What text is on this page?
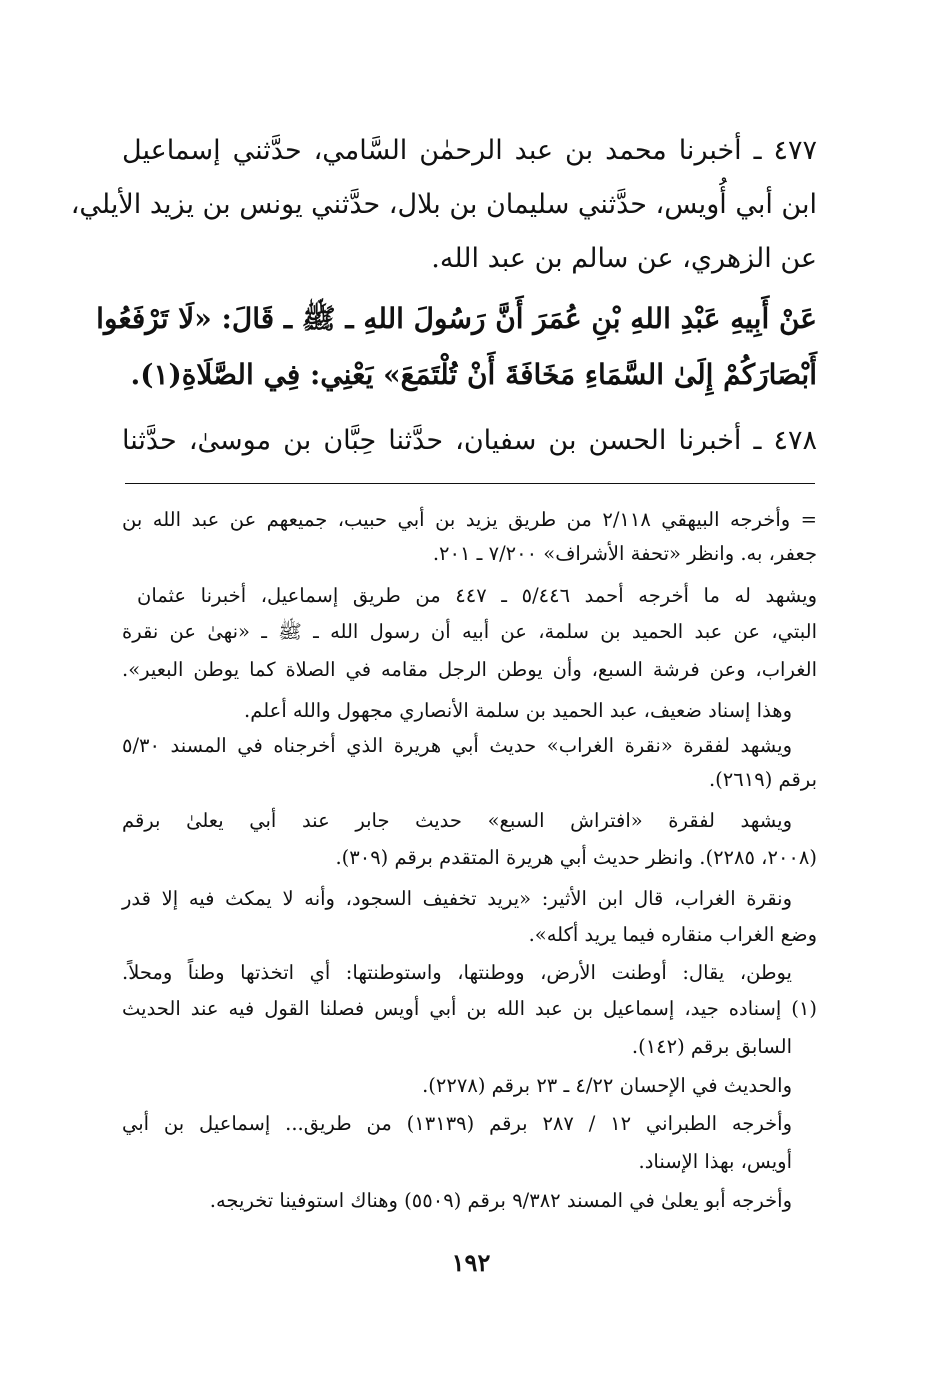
٤٧٧ ـ أخبرنا محمد بن عبد الرحمٰن السَّامي، حدَّثني إسماعيل
ابن أبي أُويس، حدَّثني سليمان بن بلال، حدَّثني يونس بن يزيد الأيلي،
عن الزهري، عن سالم بن عبد الله.
عَنْ أَبِيهِ عَبْدِ اللهِ بْنِ عُمَرَ أَنَّ رَسُولَ اللهِ ـ ﷺ ـ قَالَ: «لَا تَرْفَعُوا
أَبْصَارَكُمْ إِلَىٰ السَّمَاءِ مَخَافَةَ أَنْ تُلْتَمَعَ» يَعْنِي: فِي الصَّلَاةِ(١).
٤٧٨ ـ أخبرنا الحسن بن سفيان، حدَّثنا حِبَّان بن موسىٰ، حدَّثنا
= وأخرجه البيهقي ٢/١١٨ من طريق يزيد بن أبي حبيب، جميعهم عن عبد الله بن
جعفر، به. وانظر «تحفة الأشراف» ٧/٢٠٠ ـ ٢٠١.
ويشهد له ما أخرجه أحمد ٥/٤٤٦ ـ ٤٤٧ من طريق إسماعيل، أخبرنا عثمان
البتي، عن عبد الحميد بن سلمة، عن أبيه أن رسول الله ـ ﷺ ـ «نهىٰ عن نقرة
الغراب، وعن فرشة السبع، وأن يوطن الرجل مقامه في الصلاة كما يوطن البعير».
وهذا إسناد ضعيف، عبد الحميد بن سلمة الأنصاري مجهول والله أعلم.
ويشهد لفقرة «نقرة الغراب» حديث أبي هريرة الذي أخرجناه في المسند ٥/٣٠
برقم (٢٦١٩).
ويشهد لفقرة «افتراش السبع» حديث جابر عند أبي يعلىٰ برقم
(٢٠٠٨، ٢٢٨٥). وانظر حديث أبي هريرة المتقدم برقم (٣٠٩).
ونقرة الغراب، قال ابن الأثير: «يريد تخفيف السجود، وأنه لا يمكث فيه إلا قدر
وضع الغراب منقاره فيما يريد أكله».
يوطن، يقال: أوطنت الأرض، ووطنتها، واستوطنتها: أي اتخذتها وطناً ومحلاً.
(١) إسناده جيد، إسماعيل بن عبد الله بن أبي أويس فصلنا القول فيه عند الحديث
السابق برقم (١٤٢).
والحديث في الإحسان ٤/٢٢ ـ ٢٣ برقم (٢٢٧٨).
وأخرجه الطبراني ١٢ / ٢٨٧ برقم (١٣١٣٩) من طريق... إسماعيل بن أبي
أويس، بهذا الإسناد.
وأخرجه أبو يعلىٰ في المسند ٩/٣٨٢ برقم (٥٥٠٩) وهناك استوفينا تخريجه.
١٩٢
